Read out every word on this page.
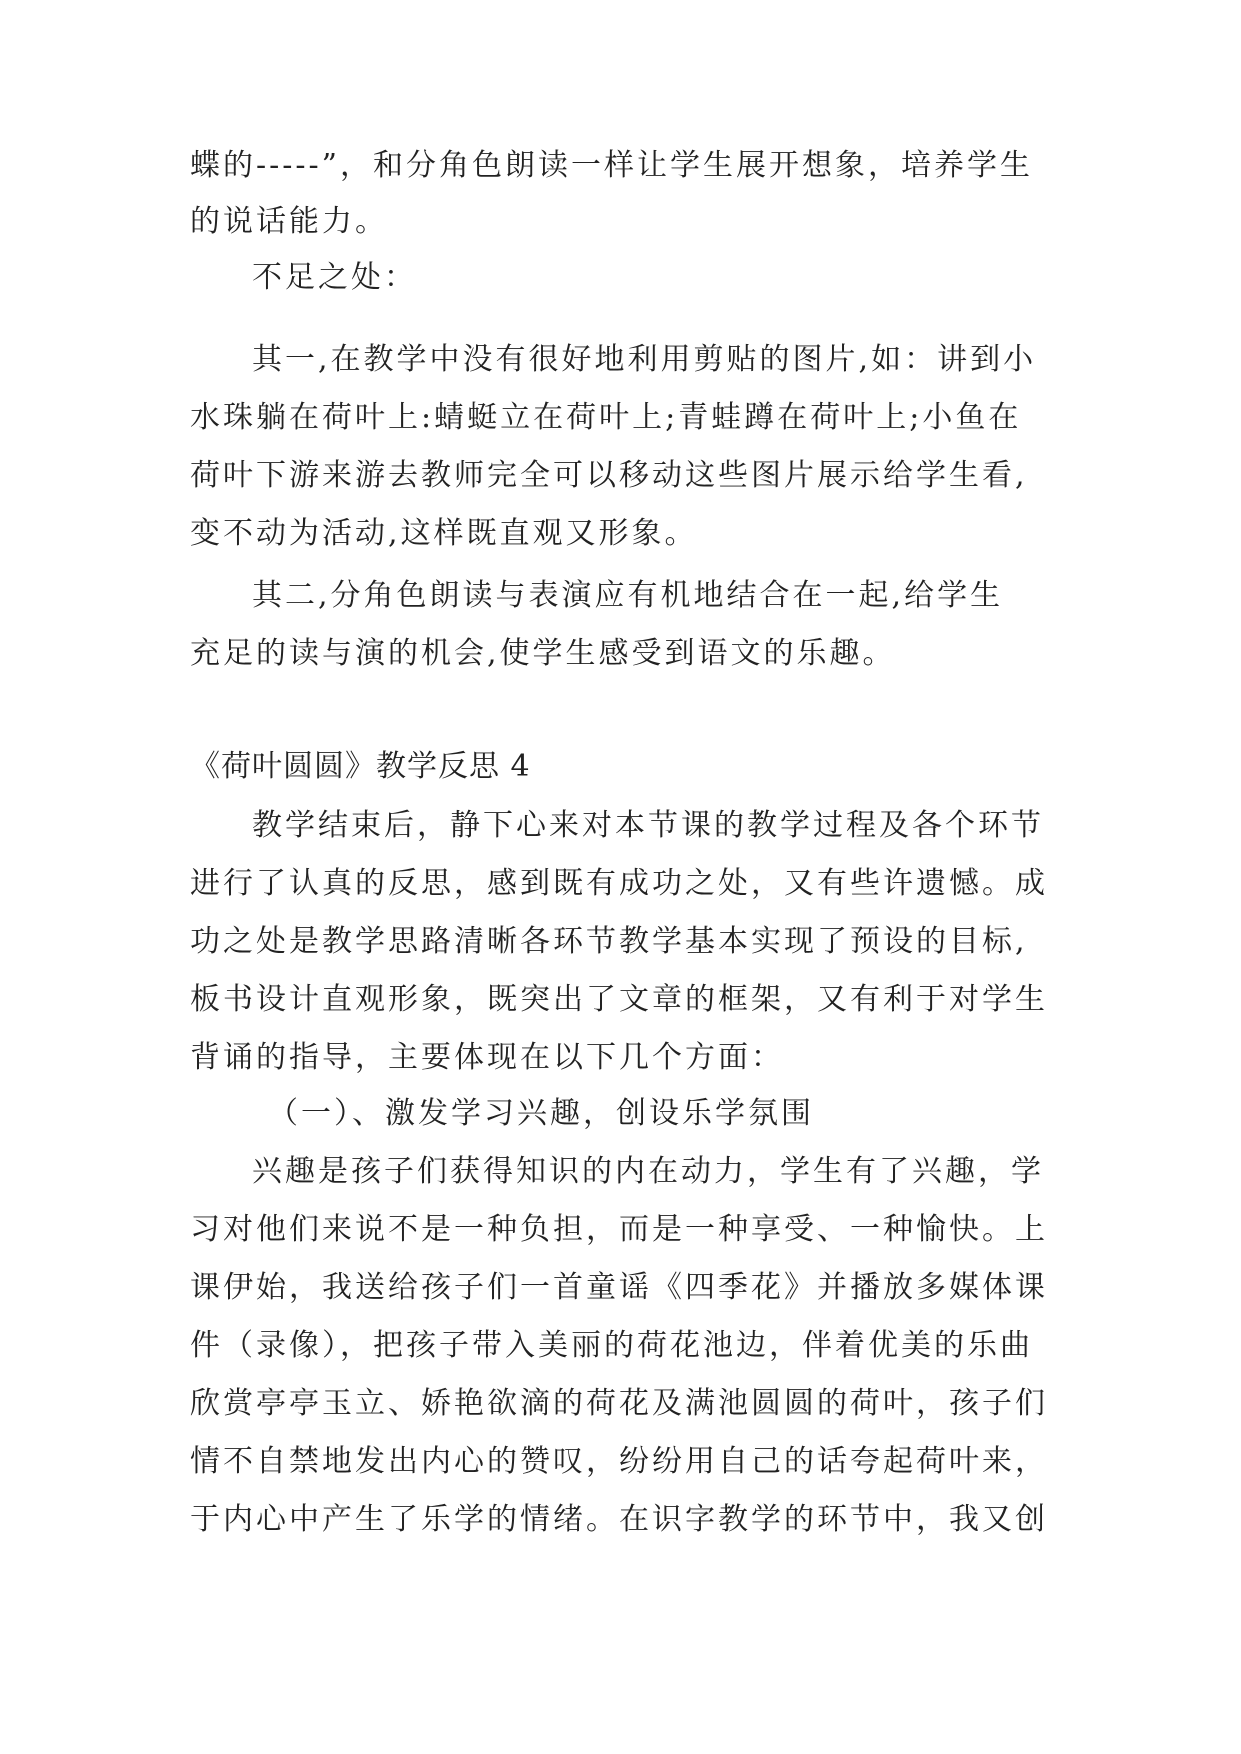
蝶的-----”，和分角色朗读一样让学生展开想象，培养学生
的说话能力。
不足之处：
其一,在教学中没有很好地利用剪贴的图片,如：讲到小
水珠躺在荷叶上:蜻蜓立在荷叶上;青蛙蹲在荷叶上;小鱼在
荷叶下游来游去教师完全可以移动这些图片展示给学生看,
变不动为活动,这样既直观又形象。
其二,分角色朗读与表演应有机地结合在一起,给学生
充足的读与演的机会,使学生感受到语文的乐趣。
《荷叶圆圆》教学反思 4
教学结束后，静下心来对本节课的教学过程及各个环节
进行了认真的反思，感到既有成功之处，又有些许遗憾。成
功之处是教学思路清晰各环节教学基本实现了预设的目标,
板书设计直观形象，既突出了文章的框架，又有利于对学生
背诵的指导，主要体现在以下几个方面：
（一）、激发学习兴趣，创设乐学氛围
兴趣是孩子们获得知识的内在动力，学生有了兴趣，学
习对他们来说不是一种负担，而是一种享受、一种愉快。上
课伊始，我送给孩子们一首童谣《四季花》并播放多媒体课
件（录像），把孩子带入美丽的荷花池边，伴着优美的乐曲
欣赏亭亭玉立、娇艳欲滴的荷花及满池圆圆的荷叶，孩子们
情不自禁地发出内心的赞叹，纷纷用自己的话夸起荷叶来，
于内心中产生了乐学的情绪。在识字教学的环节中，我又创
